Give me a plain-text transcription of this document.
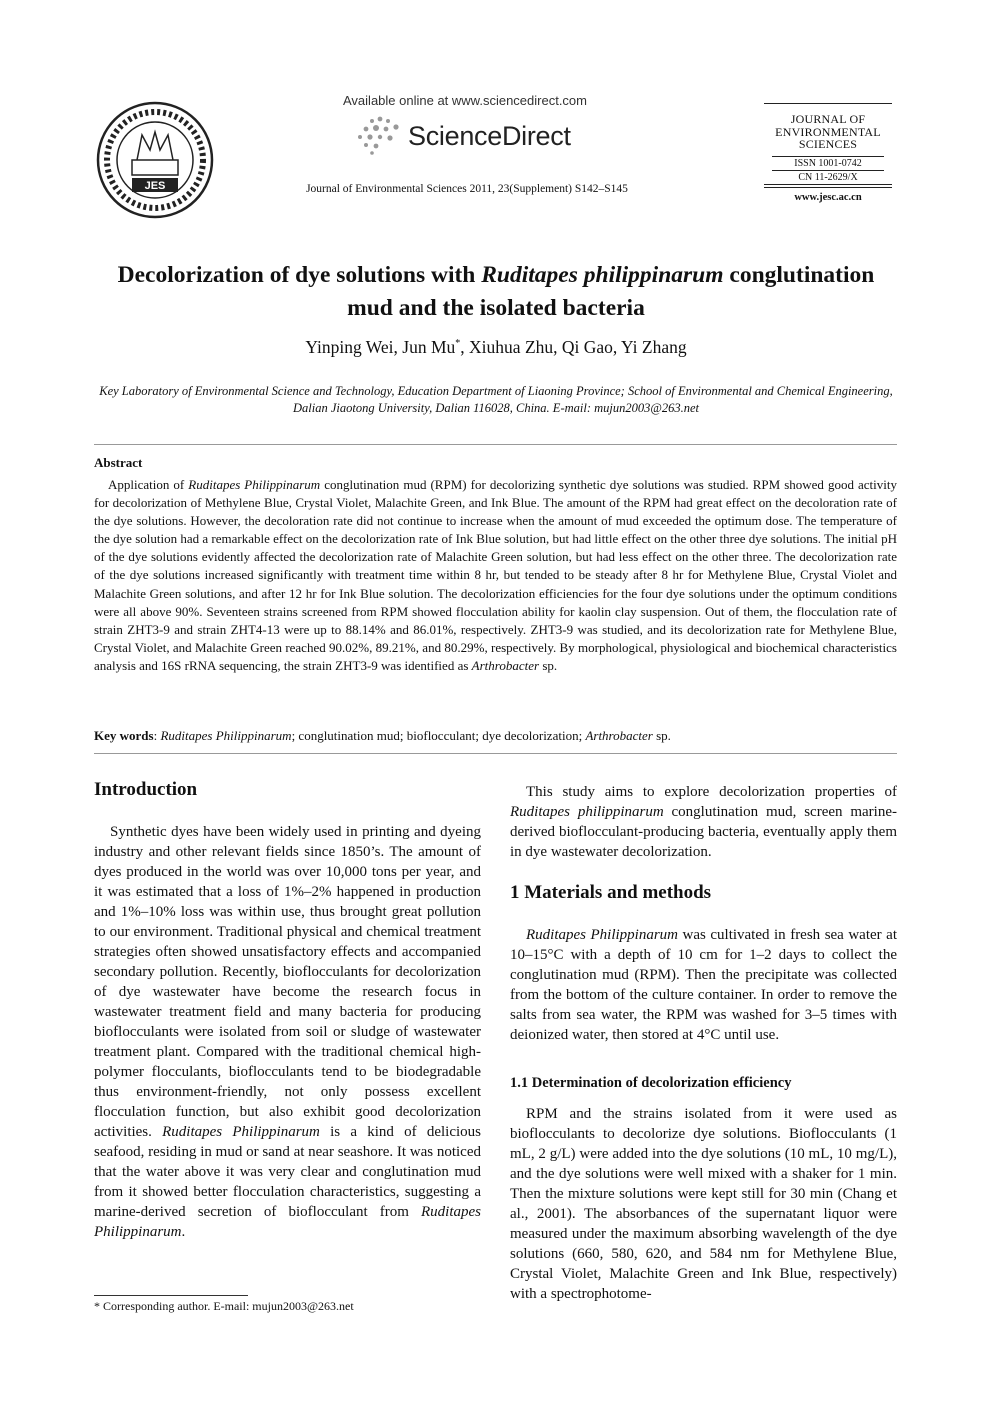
JES
Available online at www.sciencedirect.com
ScienceDirect
Journal of Environmental Sciences 2011, 23(Supplement) S142–S145
JOURNAL OF
ENVIRONMENTAL
SCIENCES
ISSN 1001-0742
CN 11-2629/X
www.jesc.ac.cn
Decolorization of dye solutions with Ruditapes philippinarum conglutination mud and the isolated bacteria
Yinping Wei, Jun Mu*, Xiuhua Zhu, Qi Gao, Yi Zhang
Key Laboratory of Environmental Science and Technology, Education Department of Liaoning Province; School of Environmental and Chemical Engineering, Dalian Jiaotong University, Dalian 116028, China. E-mail: mujun2003@263.net
Abstract
Application of Ruditapes Philippinarum conglutination mud (RPM) for decolorizing synthetic dye solutions was studied. RPM showed good activity for decolorization of Methylene Blue, Crystal Violet, Malachite Green, and Ink Blue. The amount of the RPM had great effect on the decoloration rate of the dye solutions. However, the decoloration rate did not continue to increase when the amount of mud exceeded the optimum dose. The temperature of the dye solution had a remarkable effect on the decolorization rate of Ink Blue solution, but had little effect on the other three dye solutions. The initial pH of the dye solutions evidently affected the decolorization rate of Malachite Green solution, but had less effect on the other three. The decolorization rate of the dye solutions increased significantly with treatment time within 8 hr, but tended to be steady after 8 hr for Methylene Blue, Crystal Violet and Malachite Green solutions, and after 12 hr for Ink Blue solution. The decolorization efficiencies for the four dye solutions under the optimum conditions were all above 90%. Seventeen strains screened from RPM showed flocculation ability for kaolin clay suspension. Out of them, the flocculation rate of strain ZHT3-9 and strain ZHT4-13 were up to 88.14% and 86.01%, respectively. ZHT3-9 was studied, and its decolorization rate for Methylene Blue, Crystal Violet, and Malachite Green reached 90.02%, 89.21%, and 80.29%, respectively. By morphological, physiological and biochemical characteristics analysis and 16S rRNA sequencing, the strain ZHT3-9 was identified as Arthrobacter sp.
Key words: Ruditapes Philippinarum; conglutination mud; bioflocculant; dye decolorization; Arthrobacter sp.
Introduction

Synthetic dyes have been widely used in printing and dyeing industry and other relevant fields since 1850’s. The amount of dyes produced in the world was over 10,000 tons per year, and it was estimated that a loss of 1%–2% happened in production and 1%–10% loss was within use, thus brought great pollution to our environment. Traditional physical and chemical treatment strategies often showed unsatisfactory effects and accompanied secondary pollution. Recently, bioflocculants for decolorization of dye wastewater have become the research focus in wastewater treatment field and many bacteria for producing bioflocculants were isolated from soil or sludge of wastewater treatment plant. Compared with the traditional chemical high-polymer flocculants, bioflocculants tend to be biodegradable thus environment-friendly, not only possess excellent flocculation function, but also exhibit good decolorization activities. Ruditapes Philippinarum is a kind of delicious seafood, residing in mud or sand at near seashore. It was noticed that the water above it was very clear and conglutination mud from it showed better flocculation characteristics, suggesting a marine-derived secretion of bioflocculant from Ruditapes Philippinarum.

* Corresponding author. E-mail: mujun2003@263.net

This study aims to explore decolorization properties of Ruditapes philippinarum conglutination mud, screen marine-derived bioflocculant-producing bacteria, eventually apply them in dye wastewater decolorization.

1 Materials and methods

Ruditapes Philippinarum was cultivated in fresh sea water at 10–15°C with a depth of 10 cm for 1–2 days to collect the conglutination mud (RPM). Then the precipitate was collected from the bottom of the culture container. In order to remove the salts from sea water, the RPM was washed for 3–5 times with deionized water, then stored at 4°C until use.

1.1 Determination of decolorization efficiency

RPM and the strains isolated from it were used as bioflocculants to decolorize dye solutions. Bioflocculants (1 mL, 2 g/L) were added into the dye solutions (10 mL, 10 mg/L), and the dye solutions were well mixed with a shaker for 1 min. Then the mixture solutions were kept still for 30 min (Chang et al., 2001). The absorbances of the supernatant liquor were measured under the maximum absorbing wavelength of the dye solutions (660, 580, 620, and 584 nm for Methylene Blue, Crystal Violet, Malachite Green and Ink Blue, respectively) with a spectrophotome-
